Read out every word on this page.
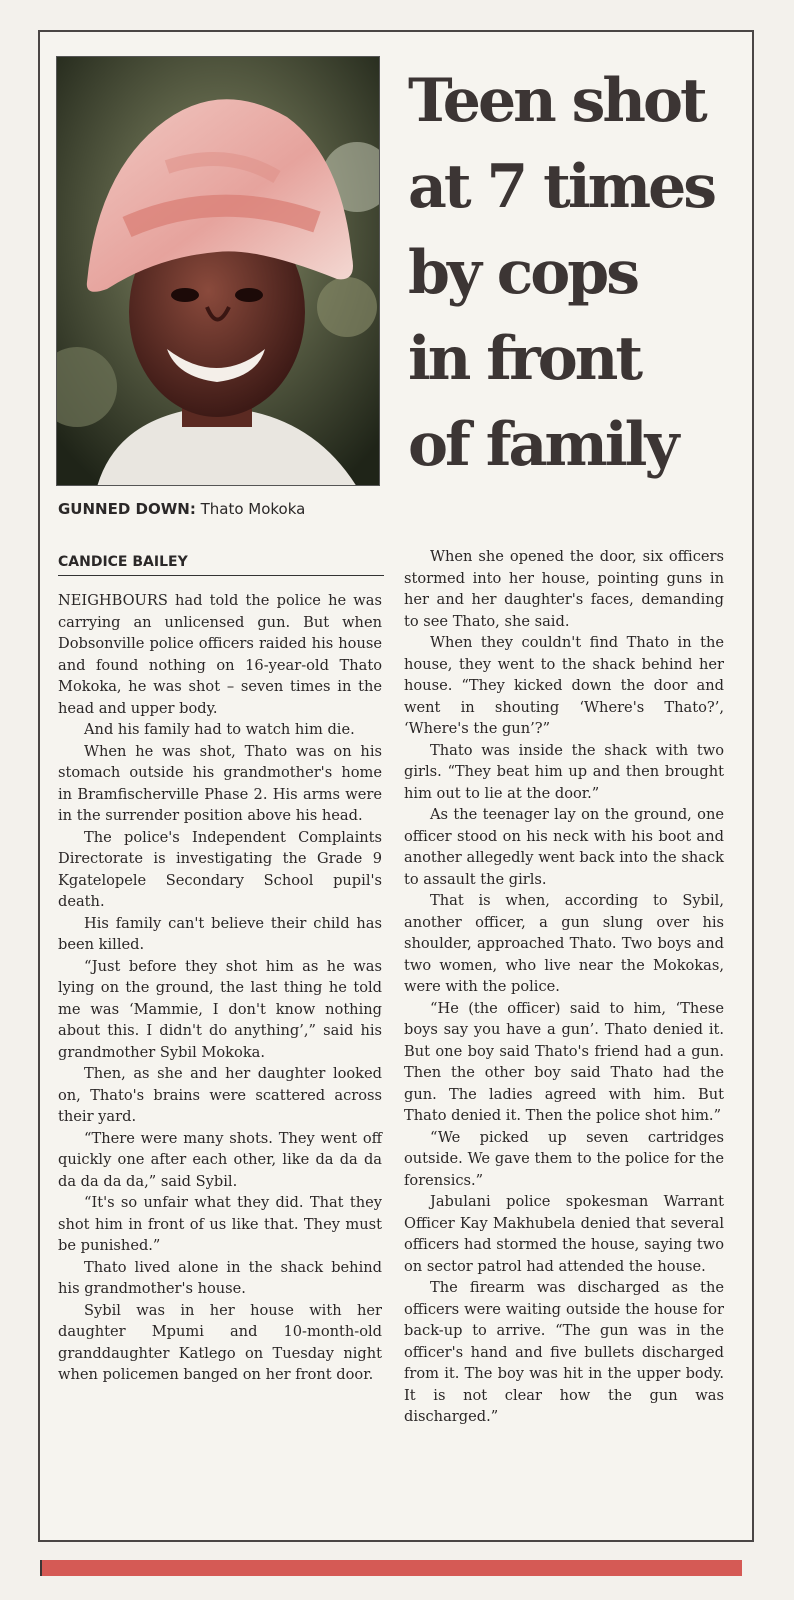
GUNNED DOWN: Thato Mokoka
Teen shot
at 7 times
by cops
in front
of family
CANDICE BAILEY

NEIGHBOURS had told the police he was carrying an unlicensed gun. But when Dobsonville police officers raided his house and found nothing on 16-year-old Thato Mokoka, he was shot – seven times in the head and upper body.

And his family had to watch him die.

When he was shot, Thato was on his stomach outside his grandmother's home in Bramfischerville Phase 2. His arms were in the surrender position above his head.

The police's Independent Complaints Directorate is investigating the Grade 9 Kgatelopele Secondary School pupil's death.

His family can't believe their child has been killed.

“Just before they shot him as he was lying on the ground, the last thing he told me was ‘Mammie, I don't know nothing about this. I didn't do anything’,” said his grandmother Sybil Mokoka.

Then, as she and her daughter looked on, Thato's brains were scattered across their yard.

“There were many shots. They went off quickly one after each other, like da da da da da da da,” said Sybil.

“It's so unfair what they did. That they shot him in front of us like that. They must be punished.”

Thato lived alone in the shack behind his grandmother's house.

Sybil was in her house with her daughter Mpumi and 10-month-old granddaughter Katlego on Tuesday night when policemen banged on her front door.

When she opened the door, six officers stormed into her house, pointing guns in her and her daughter's faces, demanding to see Thato, she said.

When they couldn't find Thato in the house, they went to the shack behind her house. “They kicked down the door and went in shouting ‘Where's Thato?’, ‘Where's the gun’?”

Thato was inside the shack with two girls. “They beat him up and then brought him out to lie at the door.”

As the teenager lay on the ground, one officer stood on his neck with his boot and another allegedly went back into the shack to assault the girls.

That is when, according to Sybil, another officer, a gun slung over his shoulder, approached Thato. Two boys and two women, who live near the Mokokas, were with the police.

“He (the officer) said to him, ‘These boys say you have a gun’. Thato denied it. But one boy said Thato's friend had a gun. Then the other boy said Thato had the gun. The ladies agreed with him. But Thato denied it. Then the police shot him.”

“We picked up seven cartridges outside. We gave them to the police for the forensics.”

Jabulani police spokesman Warrant Officer Kay Makhubela denied that several officers had stormed the house, saying two on sector patrol had attended the house.

The firearm was discharged as the officers were waiting outside the house for back-up to arrive. “The gun was in the officer's hand and five bullets discharged from it. The boy was hit in the upper body. It is not clear how the gun was discharged.”
